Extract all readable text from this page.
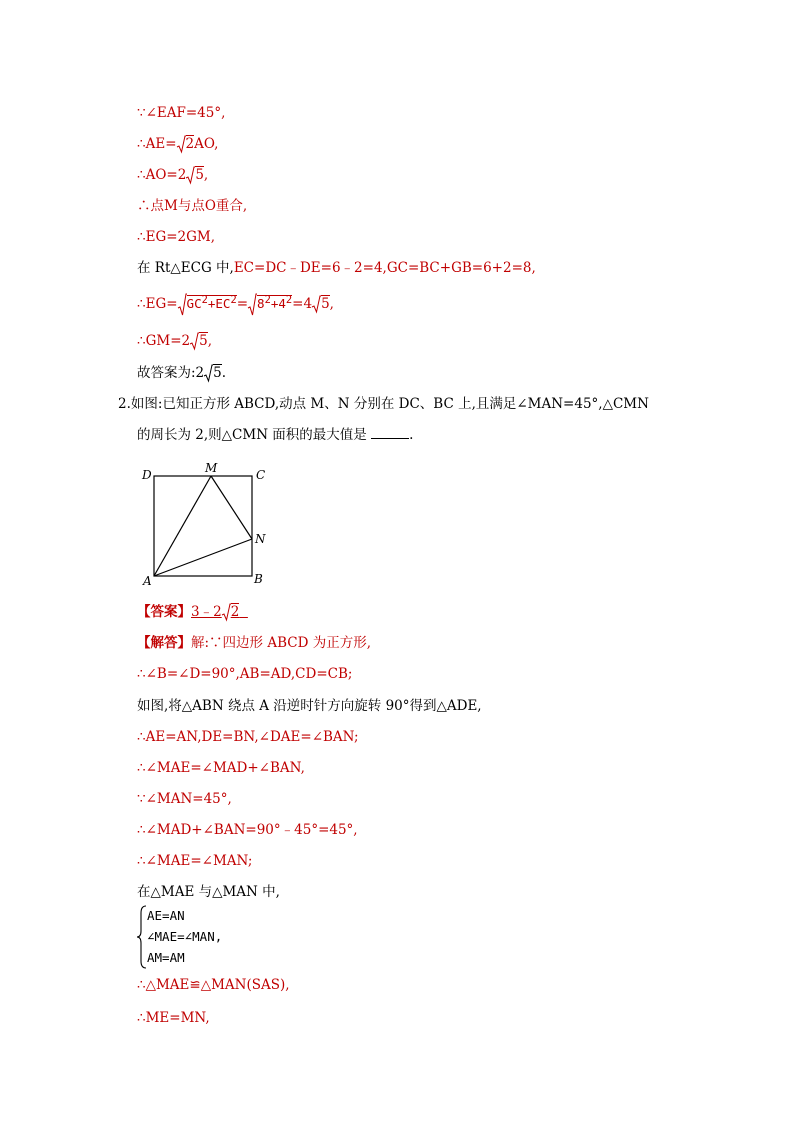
∵∠EAF=45°,
∴AE= 2AO,
∴AO=2 5,
∴点M与点O重合,
∴EG=2GM,
在 Rt△ECG 中,EC=DC﹣DE=6﹣2=4,GC=BC+GB=6+2=8,
∴EG= $GC^2+EC^2= 8^2+4^2=4$ 5,
∴GM=2 5,
故答案为:2 5.
2.如图:已知正方形 ABCD,动点 M、N 分别在 DC、BC 上,且满足∠MAN=45°,△CMN
的周长为 2,则△CMN 面积的最大值是	.
D	M	C
N
A	B
【答案】3﹣2 2
【解答】解:∵四边形 ABCD 为正方形,
∴∠B=∠D=90°,AB=AD,CD=CB;
如图,将△ABN 绕点 A 沿逆时针方向旋转 90°得到△ADE,
∴AE=AN,DE=BN,∠DAE=∠BAN;
∴∠MAE=∠MAD+∠BAN,
∵∠MAN=45°,
∴∠MAD+∠BAN=90°﹣45°=45°,
∴∠MAE=∠MAN;
在△MAE 与△MAN 中,
AE=AN
∠MAE=∠MAN,
AM=AM
∴△MAE≌△MAN(SAS),
∴ME=MN,
